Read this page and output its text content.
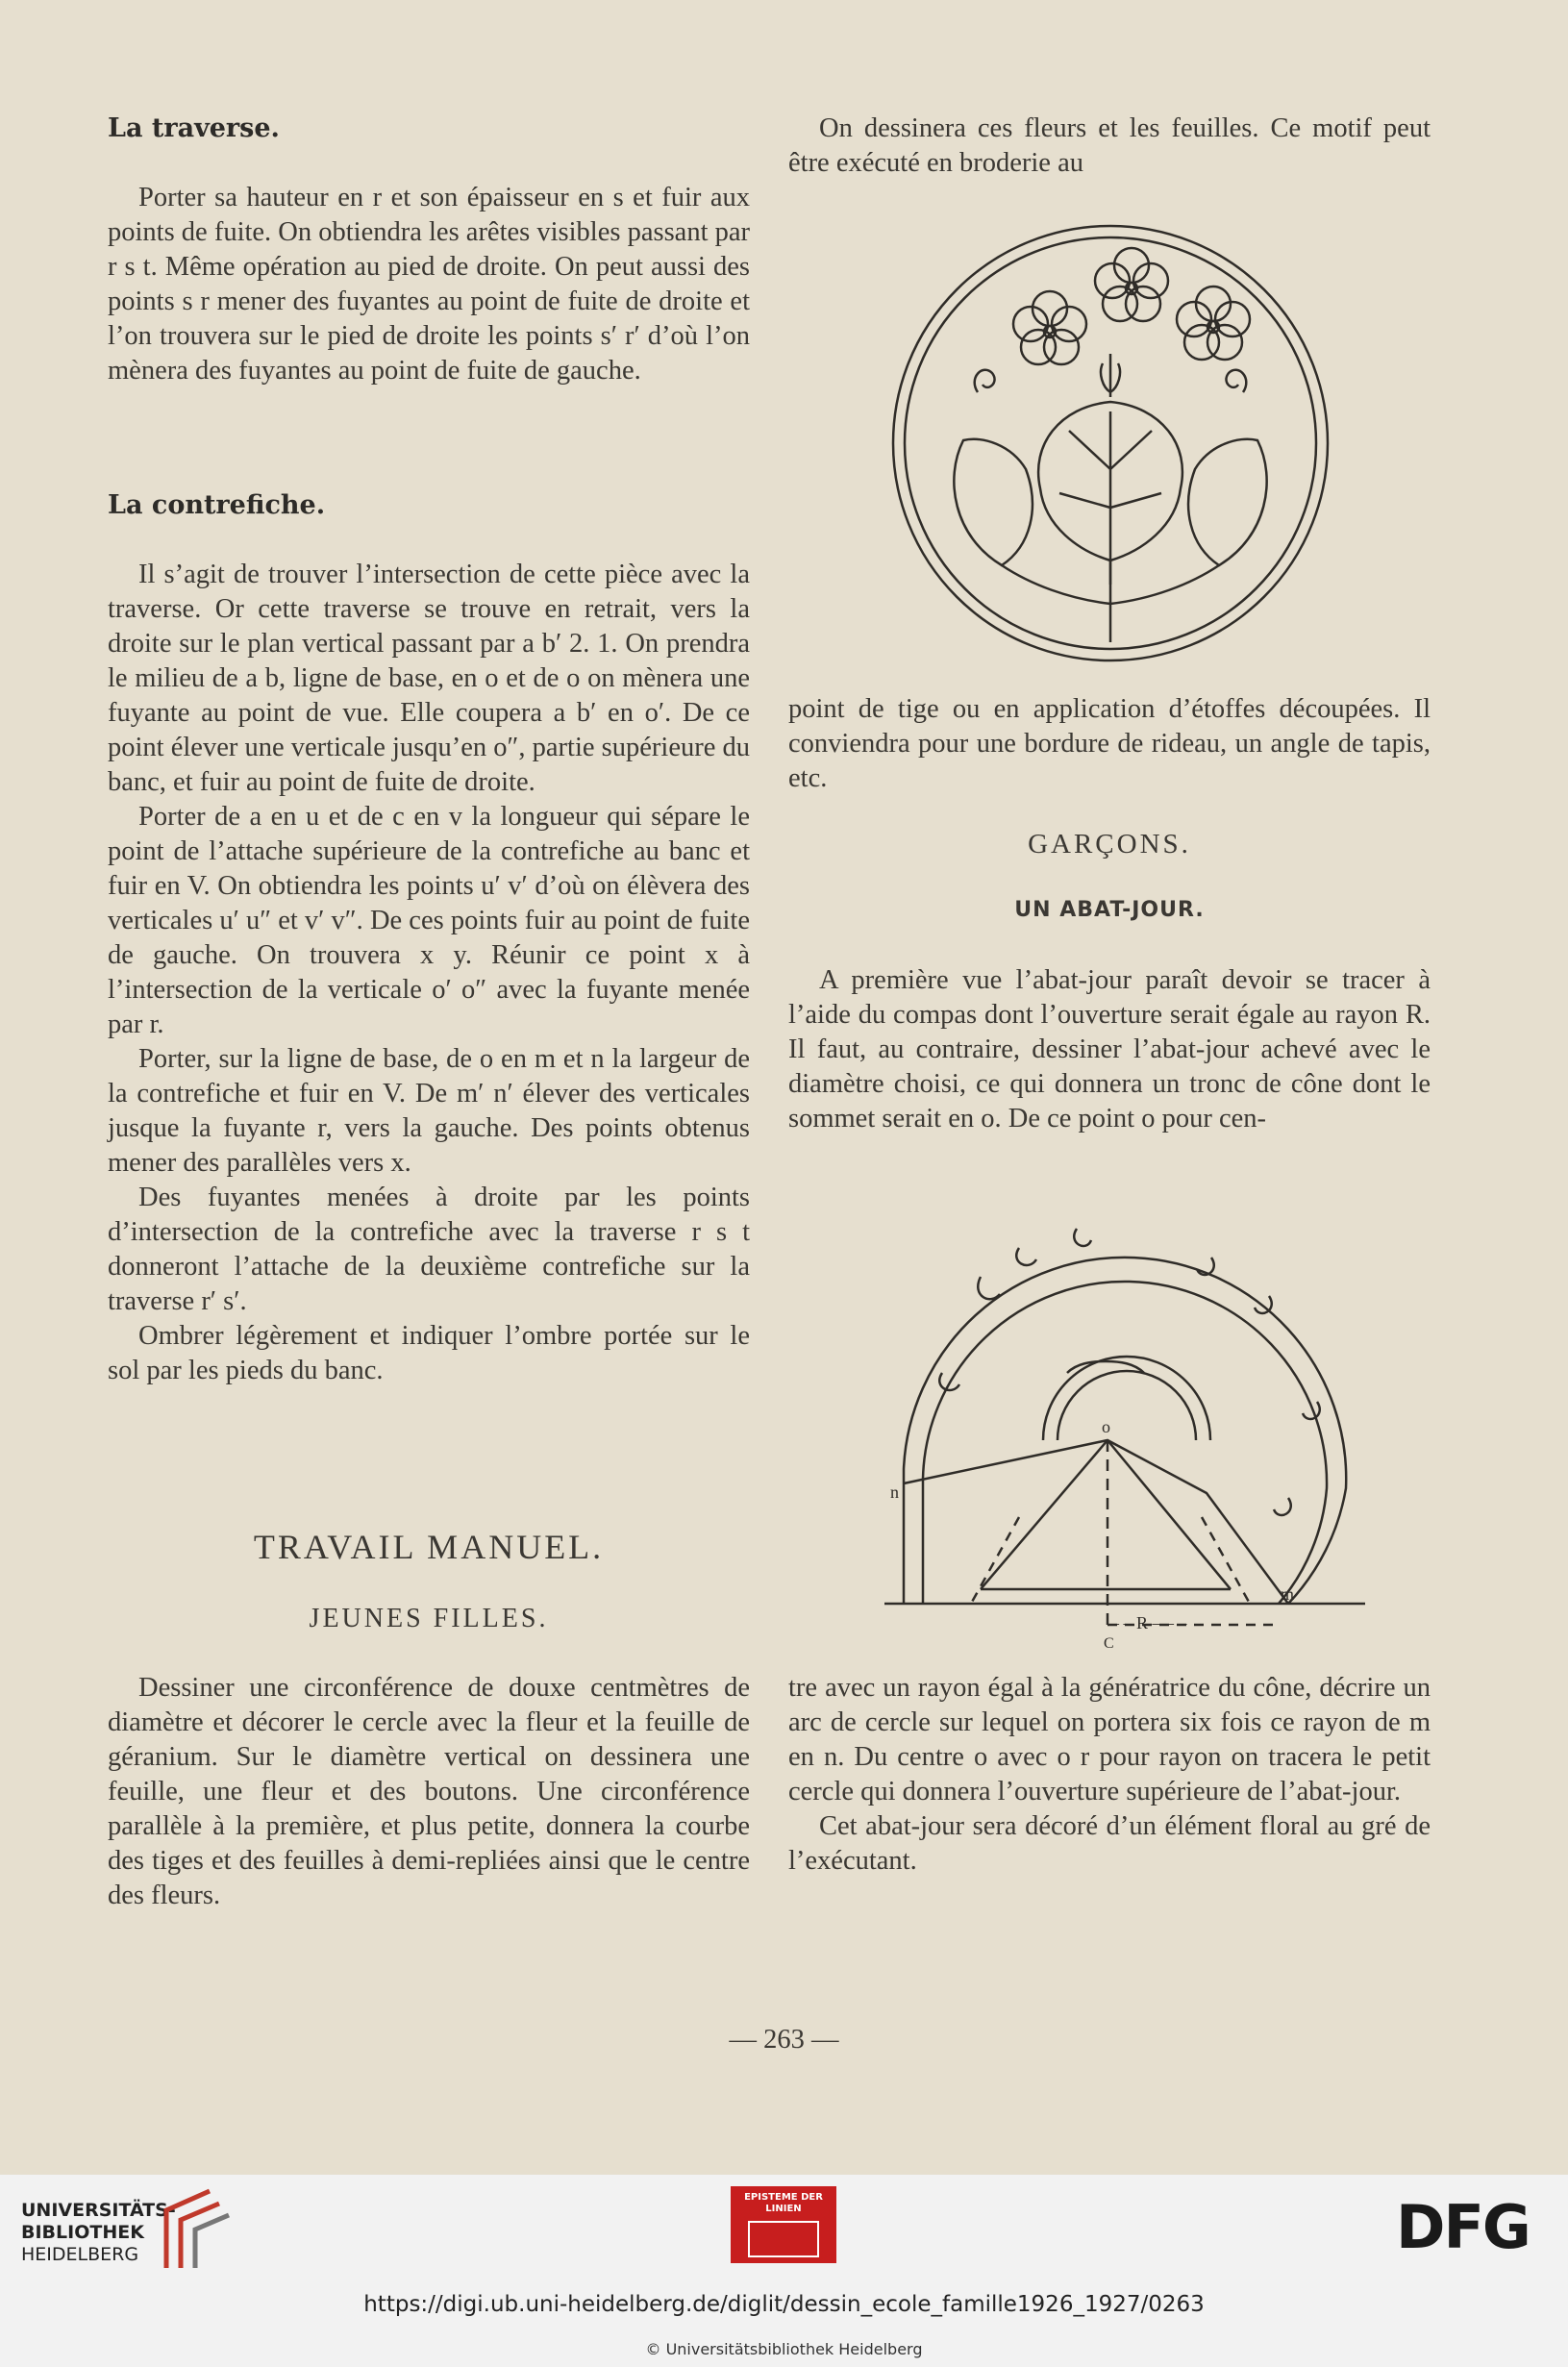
La traverse.

Porter sa hauteur en r et son épaisseur en s et fuir aux points de fuite. On obtiendra les arêtes visibles passant par r s t. Même opération au pied de droite. On peut aussi des points s r mener des fuyantes au point de fuite de droite et l’on trouvera sur le pied de droite les points s′ r′ d’où l’on mènera des fuyantes au point de fuite de gauche.

La contrefiche.

Il s’agit de trouver l’intersection de cette pièce avec la traverse. Or cette traverse se trouve en retrait, vers la droite sur le plan vertical passant par a b′ 2. 1. On prendra le milieu de a b, ligne de base, en o et de o on mènera une fuyante au point de vue. Elle coupera a b′ en o′. De ce point élever une verticale jusqu’en o″, partie supérieure du banc, et fuir au point de fuite de droite.

Porter de a en u et de c en v la longueur qui sépare le point de l’attache supérieure de la contrefiche au banc et fuir en V. On obtiendra les points u′ v′ d’où on élèvera des verticales u′ u″ et v′ v″. De ces points fuir au point de fuite de gauche. On trouvera x y. Réunir ce point x à l’intersection de la verticale o′ o″ avec la fuyante menée par r.

Porter, sur la ligne de base, de o en m et n la largeur de la contrefiche et fuir en V. De m′ n′ élever des verticales jusque la fuyante r, vers la gauche. Des points obtenus mener des parallèles vers x.

Des fuyantes menées à droite par les points d’intersection de la contrefiche avec la traverse r s t donneront l’attache de la deuxième contrefiche sur la traverse r′ s′.

Ombrer légèrement et indiquer l’ombre portée sur le sol par les pieds du banc.

TRAVAIL MANUEL.
JEUNES FILLES.

Dessiner une circonférence de douxe centmètres de diamètre et décorer le cercle avec la fleur et la feuille de géranium. Sur le diamètre vertical on dessinera une feuille, une fleur et des boutons. Une circonférence parallèle à la première, et plus petite, donnera la courbe des tiges et des feuilles à demi-repliées ainsi que le centre des fleurs.

On dessinera ces fleurs et les feuilles. Ce motif peut être exécuté en broderie au

point de tige ou en application d’étoffes découpées. Il conviendra pour une bordure de rideau, un angle de tapis, etc.

GARÇONS.
UN ABAT-JOUR.

A première vue l’abat-jour paraît devoir se tracer à l’aide du compas dont l’ouverture serait égale au rayon R. Il faut, au contraire, dessiner l’abat-jour achevé avec le diamètre choisi, ce qui donnera un tronc de cône dont le sommet serait en o. De ce point o pour cen-

o
n
m
– – R – – –
C

tre avec un rayon égal à la génératrice du cône, décrire un arc de cercle sur lequel on portera six fois ce rayon de m en n. Du centre o avec o r pour rayon on tracera le petit cercle qui donnera l’ouverture supérieure de l’abat-jour.

Cet abat-jour sera décoré d’un élément floral au gré de l’exécutant.

— 263 —
UNIVERSITÄTS-
BIBLIOTHEK
HEIDELBERG
EPISTEME DER LINIEN	DFG
https://digi.ub.uni-heidelberg.de/diglit/dessin_ecole_famille1926_1927/0263
© Universitätsbibliothek Heidelberg
